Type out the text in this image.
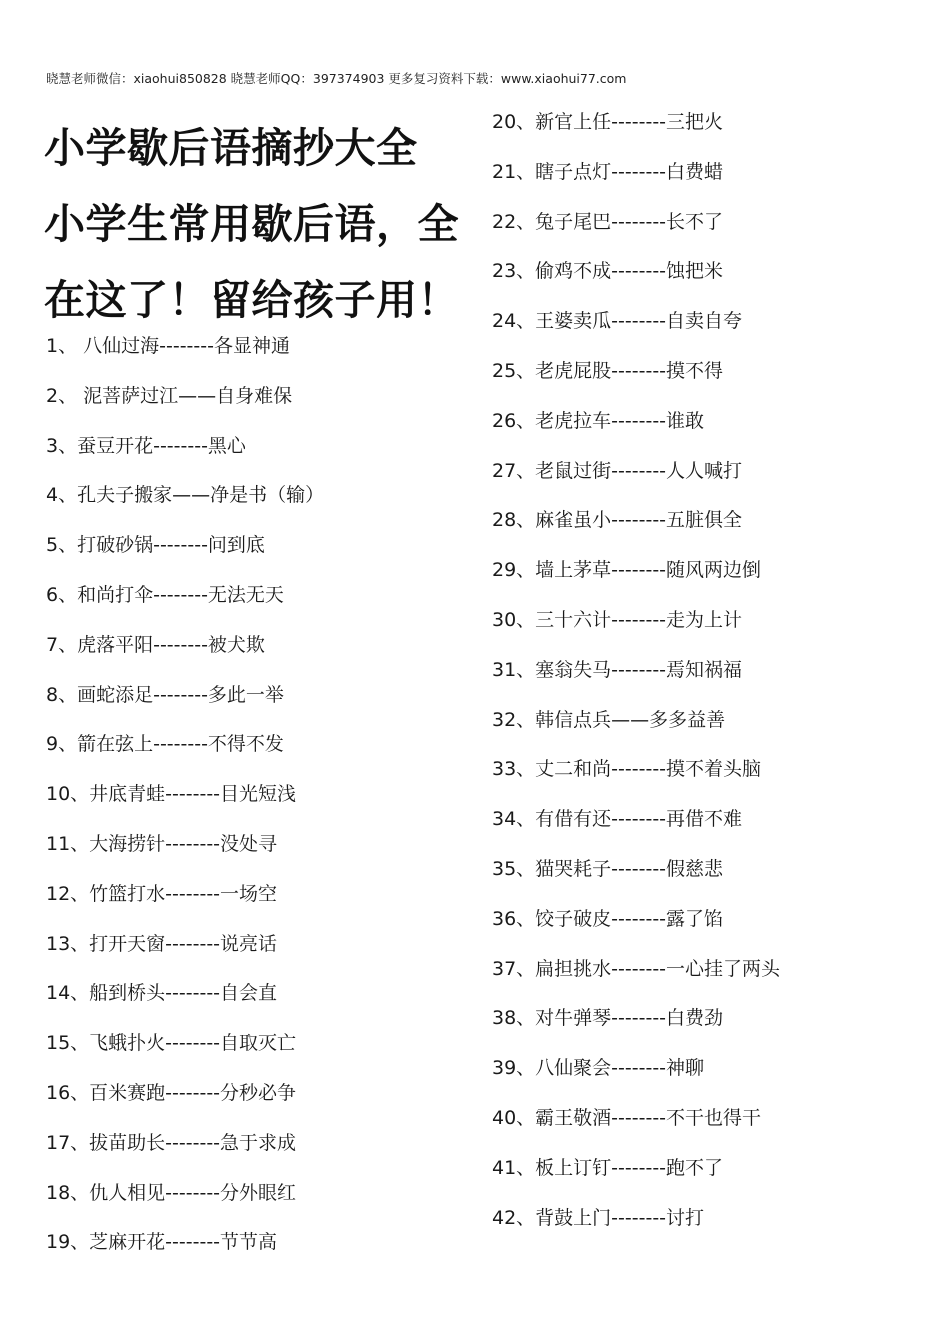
晓慧老师微信：xiaohui850828 晓慧老师QQ：397374903 更多复习资料下载：www.xiaohui77.com
小学歇后语摘抄大全
小学生常用歇后语，全
在这了！留给孩子用！
1、 八仙过海--------各显神通
2、 泥菩萨过江——自身难保
3、蚕豆开花--------黑心
4、孔夫子搬家——净是书（输）
5、打破砂锅--------问到底
6、和尚打伞--------无法无天
7、虎落平阳--------被犬欺
8、画蛇添足--------多此一举
9、箭在弦上--------不得不发
10、井底青蛙--------目光短浅
11、大海捞针--------没处寻
12、竹篮打水--------一场空
13、打开天窗--------说亮话
14、船到桥头--------自会直
15、飞蛾扑火--------自取灭亡
16、百米赛跑--------分秒必争
17、拔苗助长--------急于求成
18、仇人相见--------分外眼红
19、芝麻开花--------节节高
20、新官上任--------三把火
21、瞎子点灯--------白费蜡
22、兔子尾巴--------长不了
23、偷鸡不成--------蚀把米
24、王婆卖瓜--------自卖自夸
25、老虎屁股--------摸不得
26、老虎拉车--------谁敢
27、老鼠过街--------人人喊打
28、麻雀虽小--------五脏俱全
29、墙上茅草--------随风两边倒
30、三十六计--------走为上计
31、塞翁失马--------焉知祸福
32、韩信点兵——多多益善
33、丈二和尚--------摸不着头脑
34、有借有还--------再借不难
35、猫哭耗子--------假慈悲
36、饺子破皮--------露了馅
37、扁担挑水--------一心挂了两头
38、对牛弹琴--------白费劲
39、八仙聚会--------神聊
40、霸王敬酒--------不干也得干
41、板上订钉--------跑不了
42、背鼓上门--------讨打
